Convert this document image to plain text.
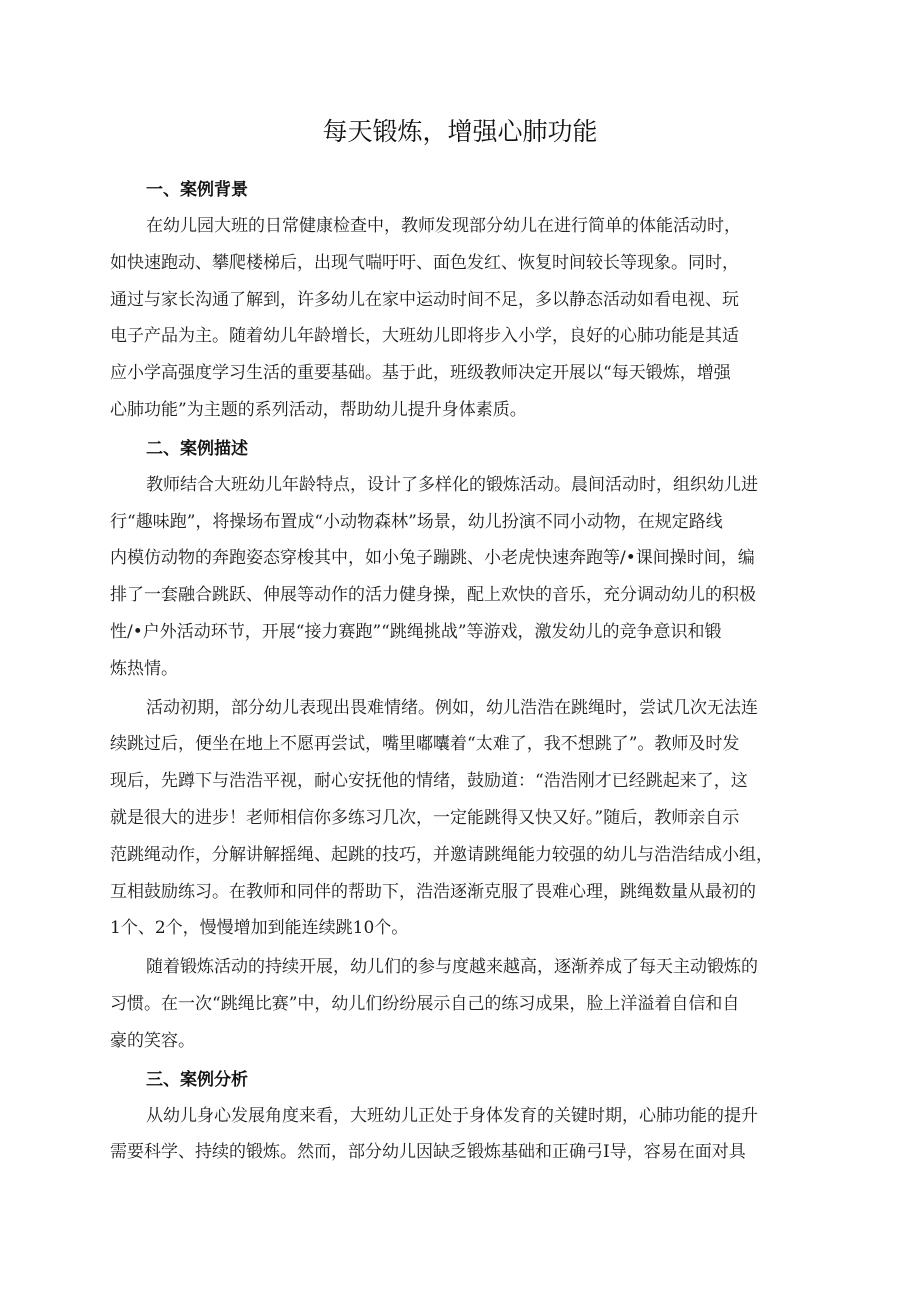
每天锻炼，增强心肺功能
一、案例背景
在幼儿园大班的日常健康检查中，教师发现部分幼儿在进行简单的体能活动时，
如快速跑动、攀爬楼梯后，出现气喘吁吁、面色发红、恢复时间较长等现象。同时，
通过与家长沟通了解到，许多幼儿在家中运动时间不足，多以静态活动如看电视、玩
电子产品为主。随着幼儿年龄增长，大班幼儿即将步入小学，良好的心肺功能是其适
应小学高强度学习生活的重要基础。基于此，班级教师决定开展以“每天锻炼，增强
心肺功能”为主题的系列活动，帮助幼儿提升身体素质。
二、案例描述
教师结合大班幼儿年龄特点，设计了多样化的锻炼活动。晨间活动时，组织幼儿进
行“趣味跑”，将操场布置成“小动物森林”场景，幼儿扮演不同小动物，在规定路线
内模仿动物的奔跑姿态穿梭其中，如小兔子蹦跳、小老虎快速奔跑等/•课间操时间，编
排了一套融合跳跃、伸展等动作的活力健身操，配上欢快的音乐，充分调动幼儿的积极
性/•户外活动环节，开展“接力赛跑”“跳绳挑战”等游戏，激发幼儿的竞争意识和锻
炼热情。
活动初期，部分幼儿表现出畏难情绪。例如，幼儿浩浩在跳绳时，尝试几次无法连
续跳过后，便坐在地上不愿再尝试，嘴里嘟囔着“太难了，我不想跳了”。教师及时发
现后，先蹲下与浩浩平视，耐心安抚他的情绪，鼓励道：“浩浩刚才已经跳起来了，这
就是很大的进步！老师相信你多练习几次，一定能跳得又快又好。”随后，教师亲自示
范跳绳动作，分解讲解摇绳、起跳的技巧，并邀请跳绳能力较强的幼儿与浩浩结成小组，
互相鼓励练习。在教师和同伴的帮助下，浩浩逐渐克服了畏难心理，跳绳数量从最初的
1个、2个，慢慢增加到能连续跳10个。
随着锻炼活动的持续开展，幼儿们的参与度越来越高，逐渐养成了每天主动锻炼的
习惯。在一次“跳绳比赛”中，幼儿们纷纷展示自己的练习成果，脸上洋溢着自信和自
豪的笑容。
三、案例分析
从幼儿身心发展角度来看，大班幼儿正处于身体发育的关键时期，心肺功能的提升
需要科学、持续的锻炼。然而，部分幼儿因缺乏锻炼基础和正确弓I导，容易在面对具
